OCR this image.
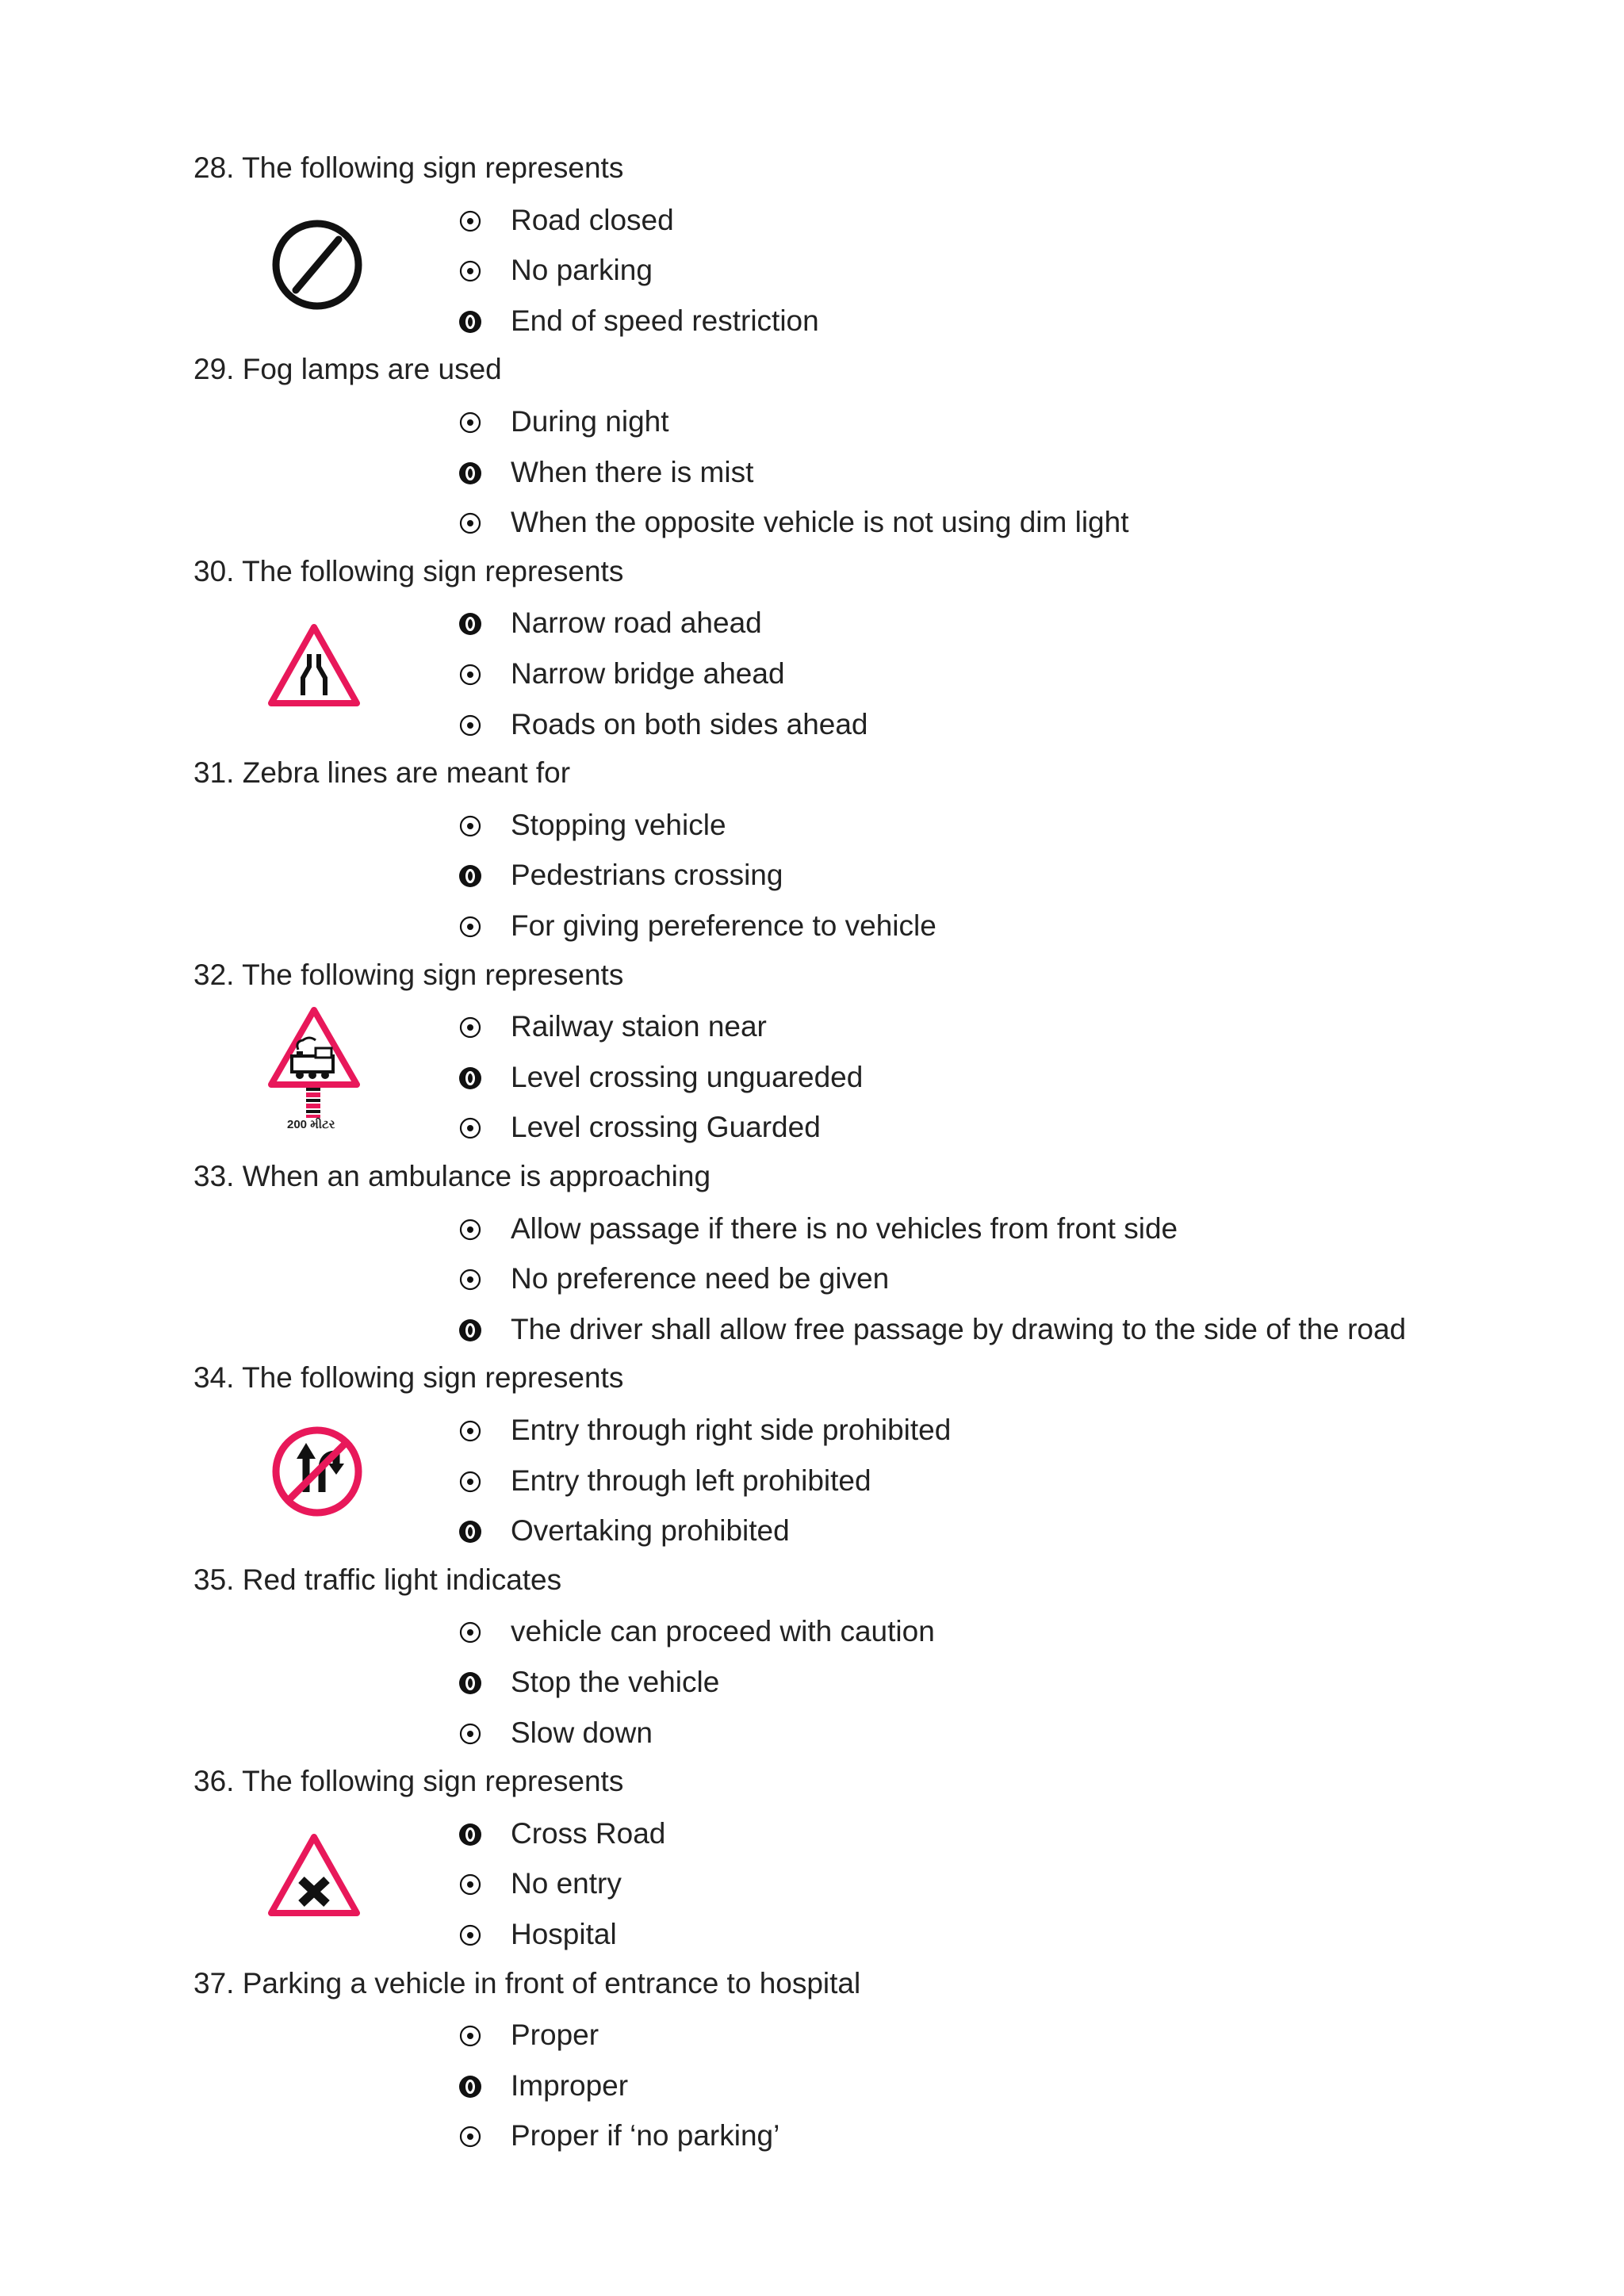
28. The following sign represents
Road closed
No parking
End of speed restriction
29. Fog lamps are used
During night
When there is mist
When the opposite vehicle is not using dim light
30. The following sign represents
Narrow road ahead
Narrow bridge ahead
Roads on both sides ahead
31. Zebra lines are meant for
Stopping vehicle
Pedestrians crossing
For giving pereference to vehicle
32. The following sign represents
200 મીટર
Railway staion near
Level crossing unguareded
Level crossing Guarded
33. When an ambulance is approaching
Allow passage if there is no vehicles from front side
No preference need be given
The driver shall allow free passage by drawing to the side of the road
34. The following sign represents
Entry through right side prohibited
Entry through left prohibited
Overtaking prohibited
35. Red traffic light indicates
vehicle can proceed with caution
Stop the vehicle
Slow down
36. The following sign represents
Cross Road
No entry
Hospital
37. Parking a vehicle in front of entrance to hospital
Proper
Improper
Proper if ‘no parking’
